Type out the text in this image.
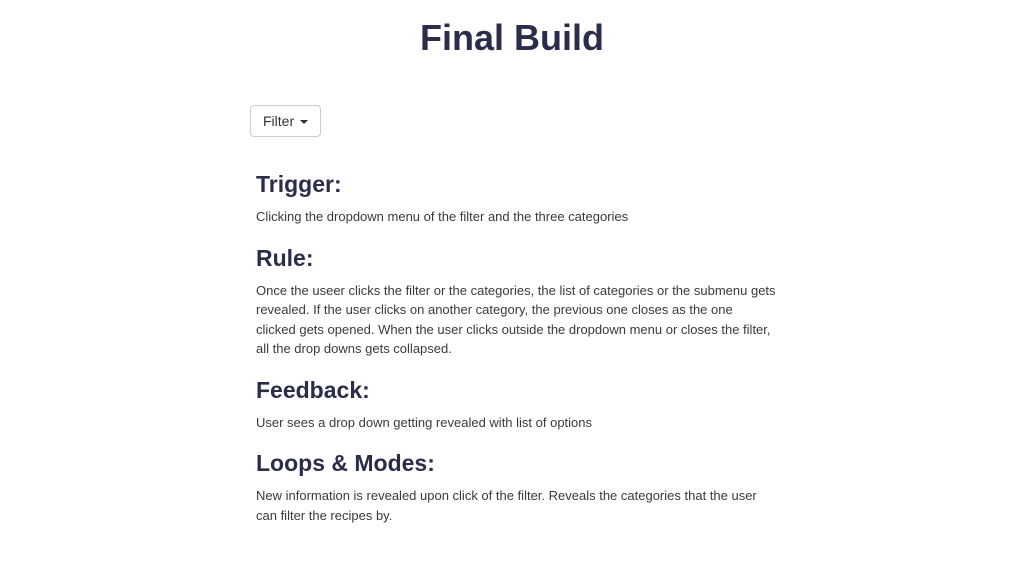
Final Build
Filter
Trigger:

Clicking the dropdown menu of the filter and the three categories

Rule:

Once the useer clicks the filter or the categories, the list of categories or the submenu gets revealed. If the user clicks on another category, the previous one closes as the one clicked gets opened. When the user clicks outside the dropdown menu or closes the filter, all the drop downs gets collapsed.

Feedback:

User sees a drop down getting revealed with list of options

Loops & Modes:

New information is revealed upon click of the filter. Reveals the categories that the user can filter the recipes by.
